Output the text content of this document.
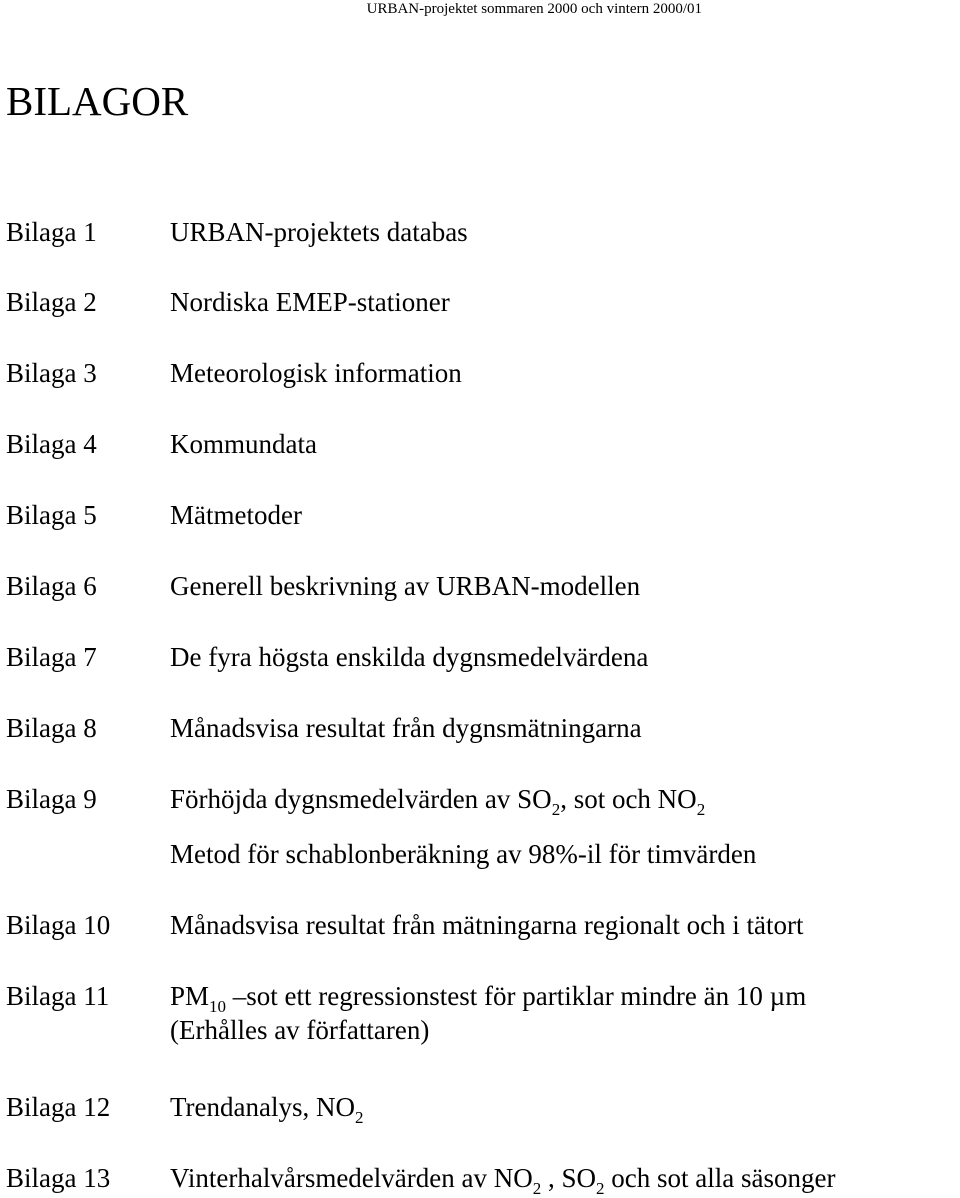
URBAN-projektet sommaren 2000 och vintern 2000/01
BILAGOR
Bilaga 1	URBAN-projektets databas
Bilaga 2	Nordiska EMEP-stationer
Bilaga 3	Meteorologisk information
Bilaga 4	Kommundata
Bilaga 5	Mätmetoder
Bilaga 6	Generell beskrivning av URBAN-modellen
Bilaga 7	De fyra högsta enskilda dygnsmedelvärdena
Bilaga 8	Månadsvisa resultat från dygnsmätningarna
Bilaga 9	Förhöjda dygnsmedelvärden av $SO_2$, sot och $NO_2$
Metod för schablonberäkning av 98%-il för timvärden
Bilaga 10 Månadsvisa resultat från mätningarna regionalt och i tätort
Bilaga 11 $PM_{10}$ –sot ett regressionstest för partiklar mindre än 10 µm
(Erhålles av författaren)
Bilaga 12 Trendanalys, $NO_2$
Bilaga 13 Vinterhalvårsmedelvärden av $NO_2$ , $SO_2$ och sot alla säsonger
